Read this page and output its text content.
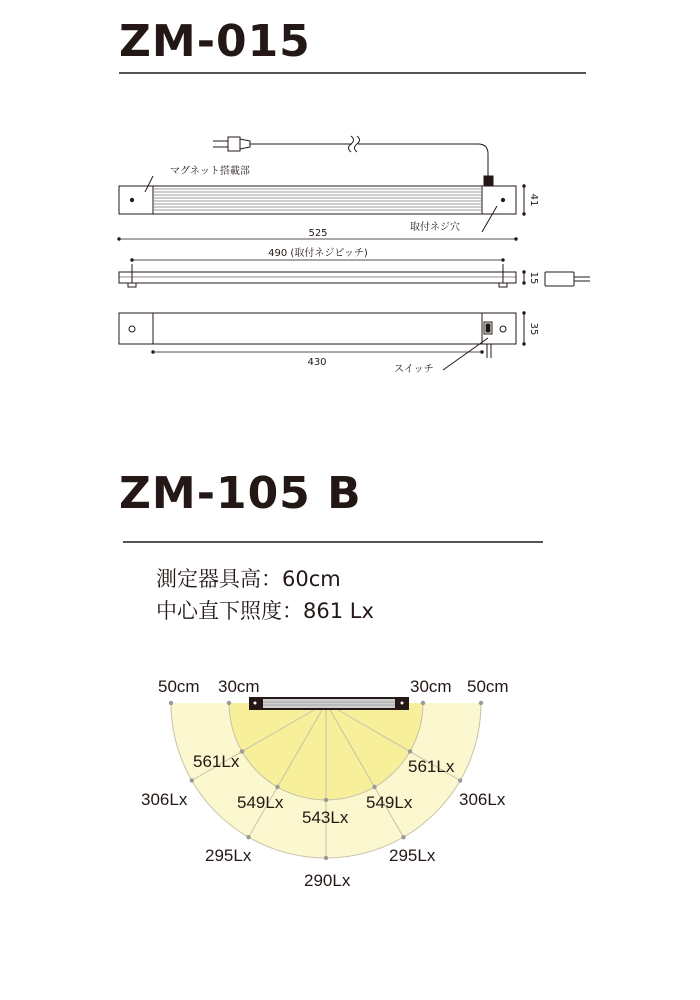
ZM-015
マグネット搭載部
取付ネジ穴
41
525
490 (取付ネジピッチ)
15
35
スイッチ
430
50cm 30cm	30cm 50cm
561Lx	561Lx
306Lx	306Lx
549Lx	549Lx
543Lx
295Lx	295Lx
290Lx
ZM-105 B
測定器具高：60cm
中心直下照度：861 Lx
